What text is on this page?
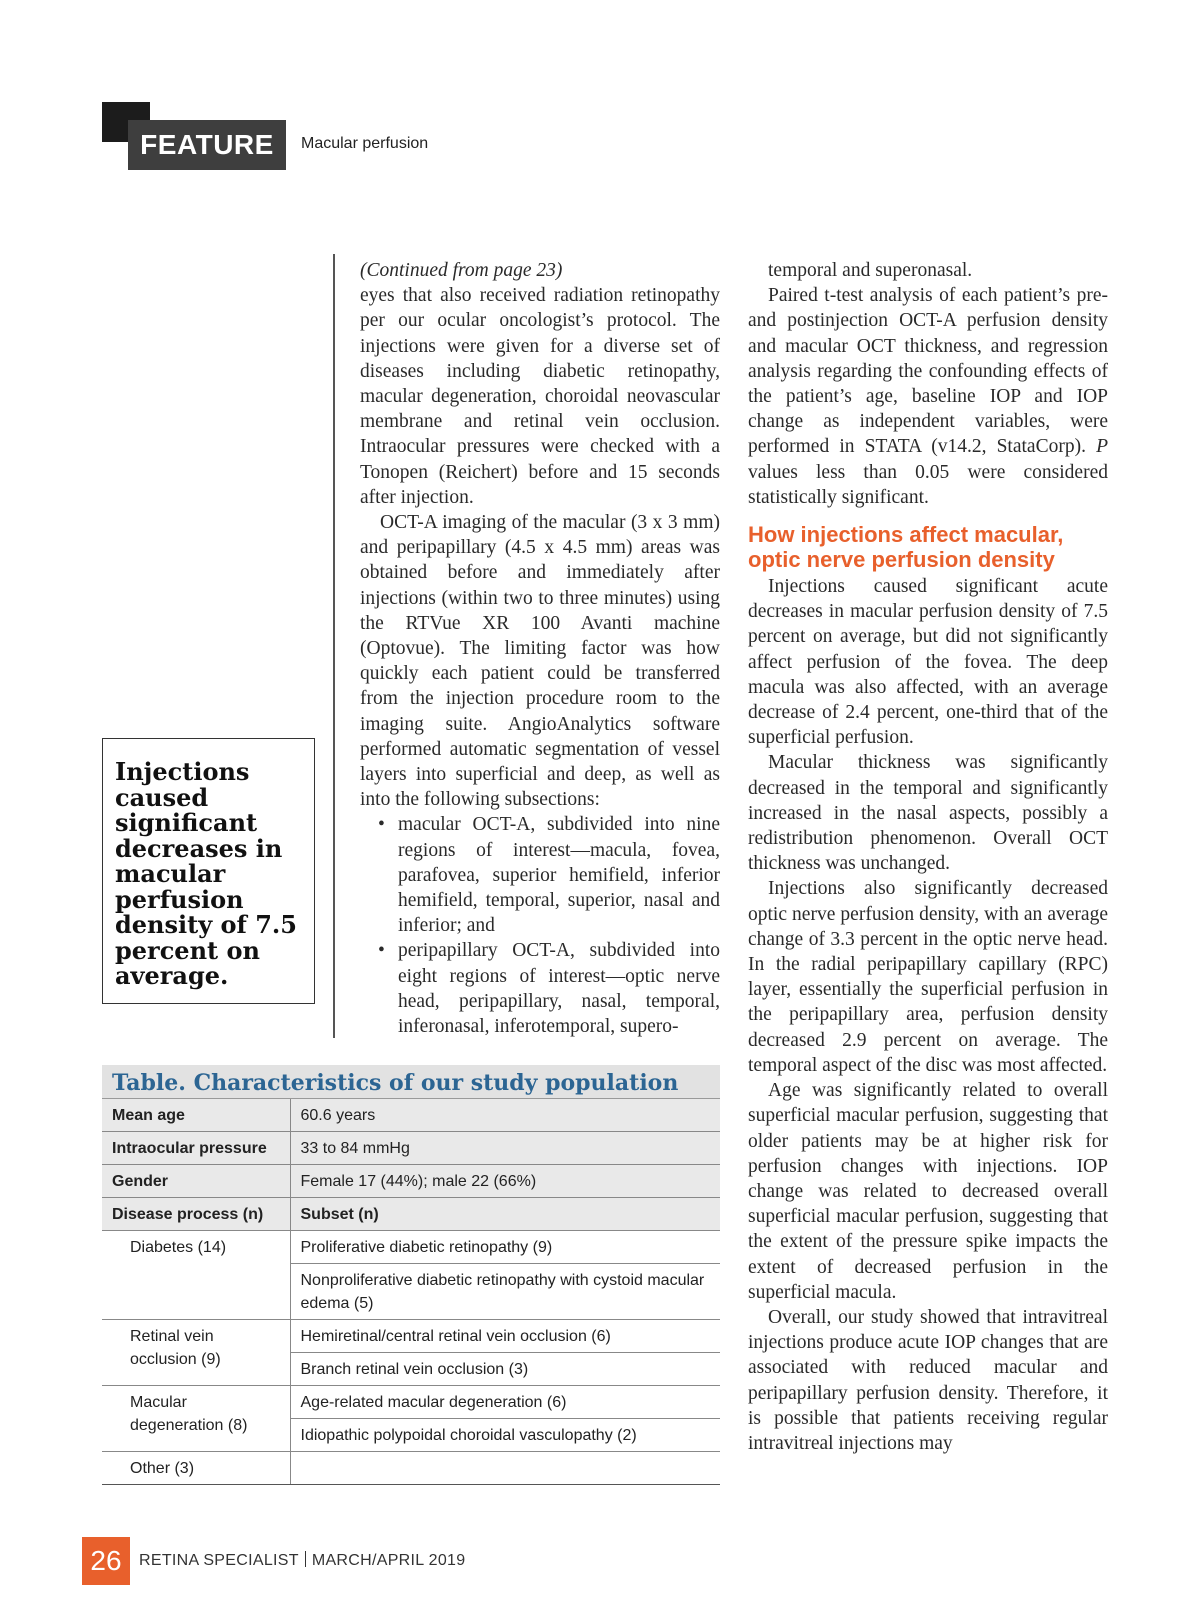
FEATURE	Macular perfusion

(Continued from page 23)

eyes that also received radiation retinopathy per our ocular oncologist’s protocol. The injections were given for a diverse set of diseases including diabetic retinopathy, macular degeneration, choroidal neovascular membrane and retinal vein occlusion. Intraocular pressures were checked with a Tonopen (Reichert) before and 15 seconds after injection.

OCT-A imaging of the macular (3 x 3 mm) and peripapillary (4.5 x 4.5 mm) areas was obtained before and immediately after injections (within two to three minutes) using the RTVue XR 100 Avanti machine (Optovue). The limiting factor was how quickly each patient could be transferred from the injection procedure room to the imaging suite. AngioAnalytics software performed automatic segmentation of vessel layers into superficial and deep, as well as into the following subsections:

• macular OCT-A, subdivided into nine regions of interest—macula, fovea, parafovea, superior hemifield, inferior hemifield, temporal, superior, nasal and inferior; and
• peripapillary OCT-A, subdivided into eight regions of interest—optic nerve head, peripapillary, nasal, temporal, inferonasal, inferotemporal, supero-

temporal and superonasal.

Paired t-test analysis of each patient’s pre- and postinjection OCT-A perfusion density and macular OCT thickness, and regression analysis regarding the confounding effects of the patient’s age, baseline IOP and IOP change as independent variables, were performed in STATA (v14.2, StataCorp). P values less than 0.05 were considered statistically significant.

How injections affect macular, optic nerve perfusion density

Injections caused significant acute decreases in macular perfusion density of 7.5 percent on average, but did not significantly affect perfusion of the fovea. The deep macula was also affected, with an average decrease of 2.4 percent, one-third that of the superficial perfusion.

Macular thickness was significantly decreased in the temporal and significantly increased in the nasal aspects, possibly a redistribution phenomenon. Overall OCT thickness was unchanged.

Injections also significantly decreased optic nerve perfusion density, with an average change of 3.3 percent in the optic nerve head. In the radial peripapillary capillary (RPC) layer, essentially the superficial perfusion in the peripapillary area, perfusion density decreased 2.9 percent on average. The temporal aspect of the disc was most affected.

Age was significantly related to overall superficial macular perfusion, suggesting that older patients may be at higher risk for perfusion changes with injections. IOP change was related to decreased overall superficial macular perfusion, suggesting that the extent of the pressure spike impacts the extent of decreased perfusion in the superficial macula.

Overall, our study showed that intravitreal injections produce acute IOP changes that are associated with reduced macular and peripapillary perfusion density. Therefore, it is possible that patients receiving regular intravitreal injections may

Injections caused significant decreases in macular perfusion density of 7.5 percent on average.
Table. Characteristics of our study population
Mean age	60.6 years
Intraocular pressure	33 to 84 mmHg
Gender	Female 17 (44%); male 22 (66%)
Disease process (n)	Subset (n)
Diabetes (14)	Proliferative diabetic retinopathy (9)
	Nonproliferative diabetic retinopathy with cystoid macular edema (5)
Retinal vein occlusion (9)	Hemiretinal/central retinal vein occlusion (6)
	Branch retinal vein occlusion (3)
Macular degeneration (8)	Age-related macular degeneration (6)
	Idiopathic polypoidal choroidal vasculopathy (2)
Other (3)	
26	RETINA SPECIALIST MARCH/APRIL 2019
